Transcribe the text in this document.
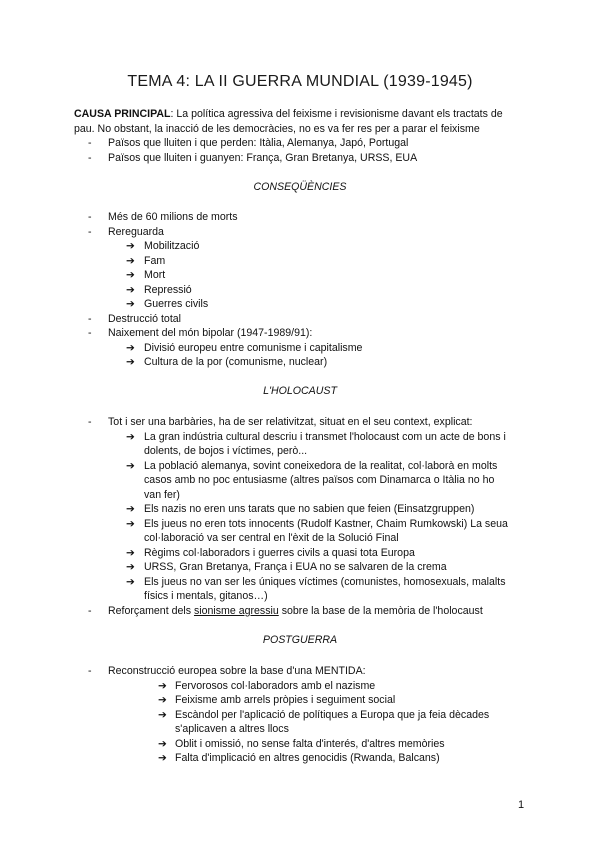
TEMA 4: LA II GUERRA MUNDIAL (1939-1945)
CAUSA PRINCIPAL: La política agressiva del feixisme i revisionisme davant els tractats de
pau. No obstant, la inacció de les democràcies, no es va fer res per a parar el feixisme
- Països que lluiten i que perden: Itàlia, Alemanya, Japó, Portugal
- Països que lluiten i guanyen: França, Gran Bretanya, URSS, EUA
CONSEQÜÈNCIES
- Més de 60 milions de morts
- Rereguarda
➔ Mobilització
➔ Fam
➔ Mort
➔ Repressió
➔ Guerres civils
- Destrucció total
- Naixement del món bipolar (1947-1989/91):
➔ Divisió europeu entre comunisme i capitalisme
➔ Cultura de la por (comunisme, nuclear)
L'HOLOCAUST
- Tot i ser una barbàries, ha de ser relativitzat, situat en el seu context, explicat:
➔ La gran indústria cultural descriu i transmet l'holocaust com un acte de bons i
dolents, de bojos i víctimes, però...
➔ La població alemanya, sovint coneixedora de la realitat, col·laborà en molts
casos amb no poc entusiasme (altres països com Dinamarca o Itàlia no ho
van fer)
➔ Els nazis no eren uns tarats que no sabien que feien (Einsatzgruppen)
➔ Els jueus no eren tots innocents (Rudolf Kastner, Chaim Rumkowski) La seua
col·laboració va ser central en l'èxit de la Solució Final
➔ Règims col·laboradors i guerres civils a quasi tota Europa
➔ URSS, Gran Bretanya, França i EUA no se salvaren de la crema
➔ Els jueus no van ser les úniques víctimes (comunistes, homosexuals, malalts
físics i mentals, gitanos…)
- Reforçament dels sionisme agressiu sobre la base de la memòria de l'holocaust
POSTGUERRA
- Reconstrucció europea sobre la base d'una MENTIDA:
➔ Fervorosos col·laboradors amb el nazisme
➔ Feixisme amb arrels pròpies i seguiment social
➔ Escàndol per l'aplicació de polítiques a Europa que ja feia dècades
s'aplicaven a altres llocs
➔ Oblit i omissió, no sense falta d'interés, d'altres memòries
➔ Falta d'implicació en altres genocidis (Rwanda, Balcans)
1
